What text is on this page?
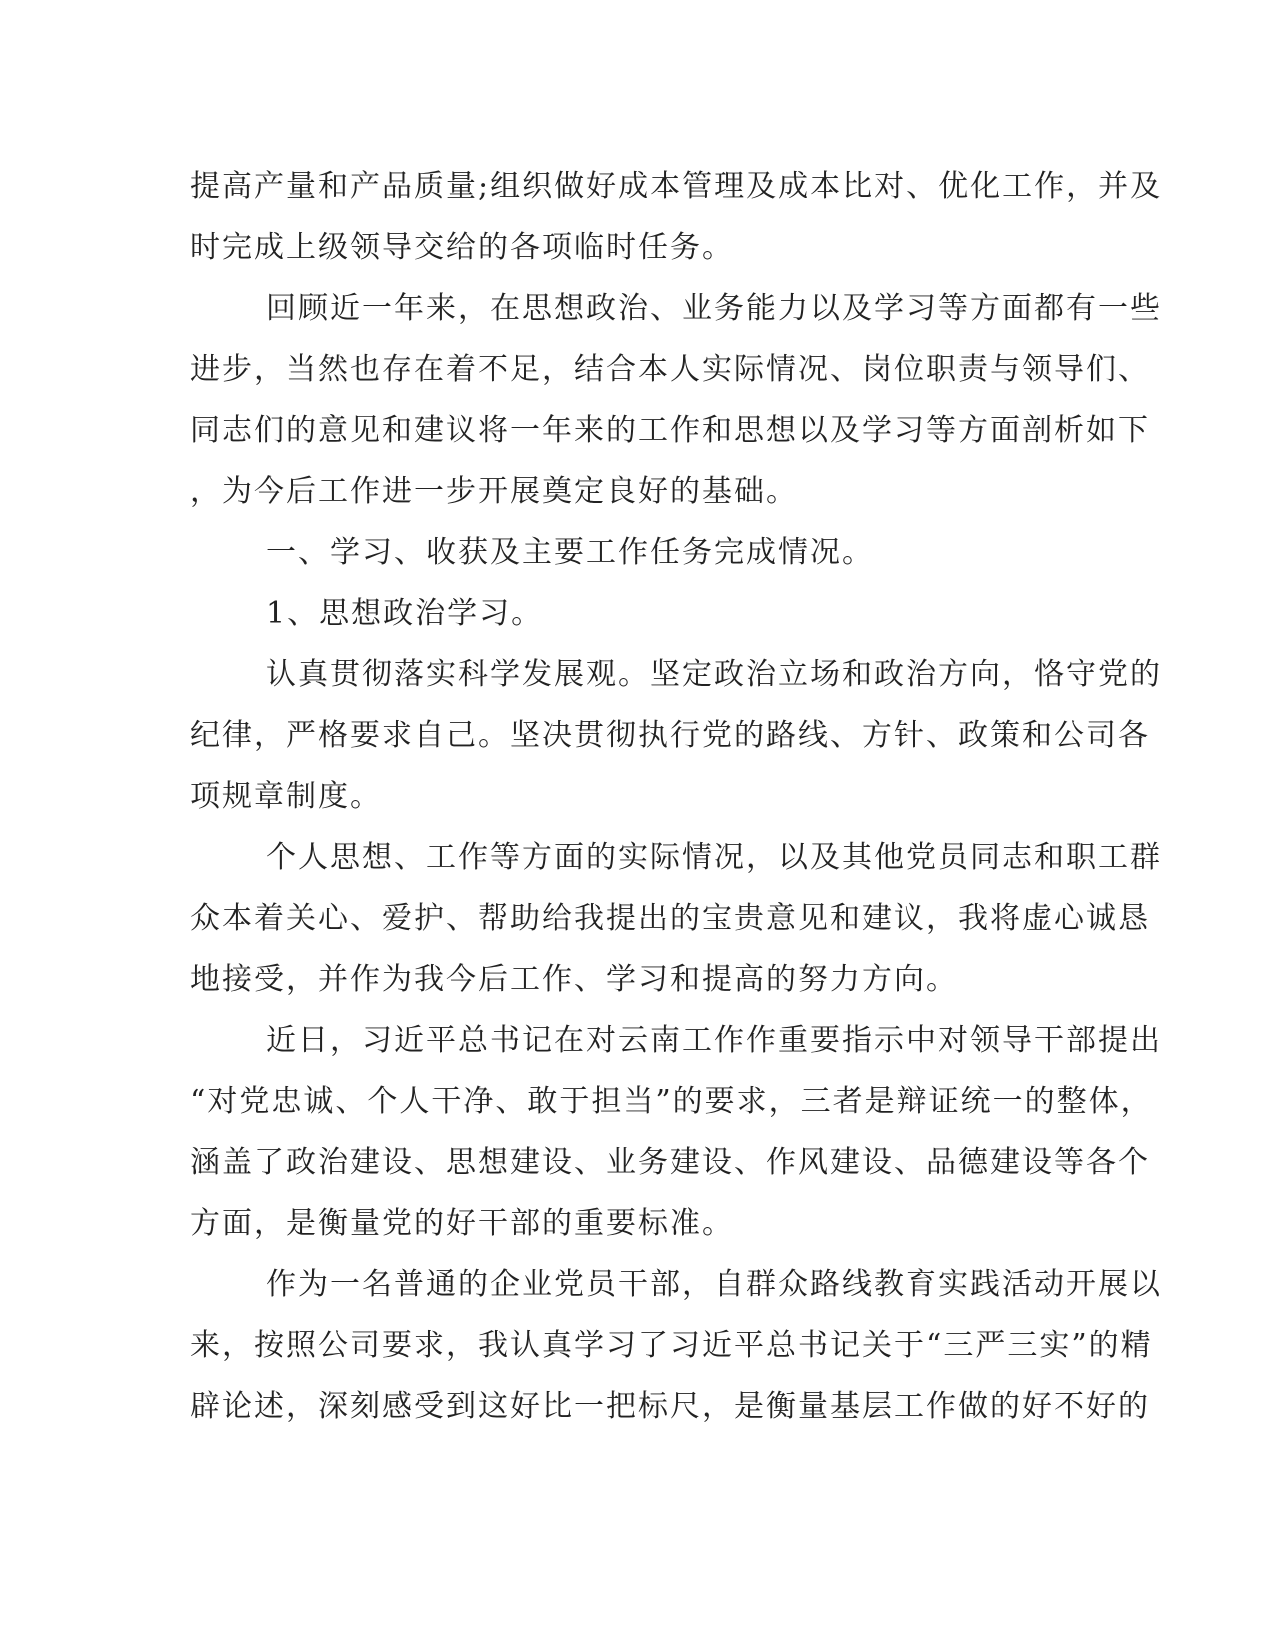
提高产量和产品质量;组织做好成本管理及成本比对、优化工作，并及
时完成上级领导交给的各项临时任务。
回顾近一年来，在思想政治、业务能力以及学习等方面都有一些
进步，当然也存在着不足，结合本人实际情况、岗位职责与领导们、
同志们的意见和建议将一年来的工作和思想以及学习等方面剖析如下
，为今后工作进一步开展奠定良好的基础。
一、学习、收获及主要工作任务完成情况。
1、思想政治学习。
认真贯彻落实科学发展观。坚定政治立场和政治方向，恪守党的
纪律，严格要求自己。坚决贯彻执行党的路线、方针、政策和公司各
项规章制度。
个人思想、工作等方面的实际情况，以及其他党员同志和职工群
众本着关心、爱护、帮助给我提出的宝贵意见和建议，我将虚心诚恳
地接受，并作为我今后工作、学习和提高的努力方向。
近日，习近平总书记在对云南工作作重要指示中对领导干部提出
“对党忠诚、个人干净、敢于担当”的要求，三者是辩证统一的整体，
涵盖了政治建设、思想建设、业务建设、作风建设、品德建设等各个
方面，是衡量党的好干部的重要标准。
作为一名普通的企业党员干部，自群众路线教育实践活动开展以
来，按照公司要求，我认真学习了习近平总书记关于“三严三实”的精
辟论述，深刻感受到这好比一把标尺，是衡量基层工作做的好不好的
